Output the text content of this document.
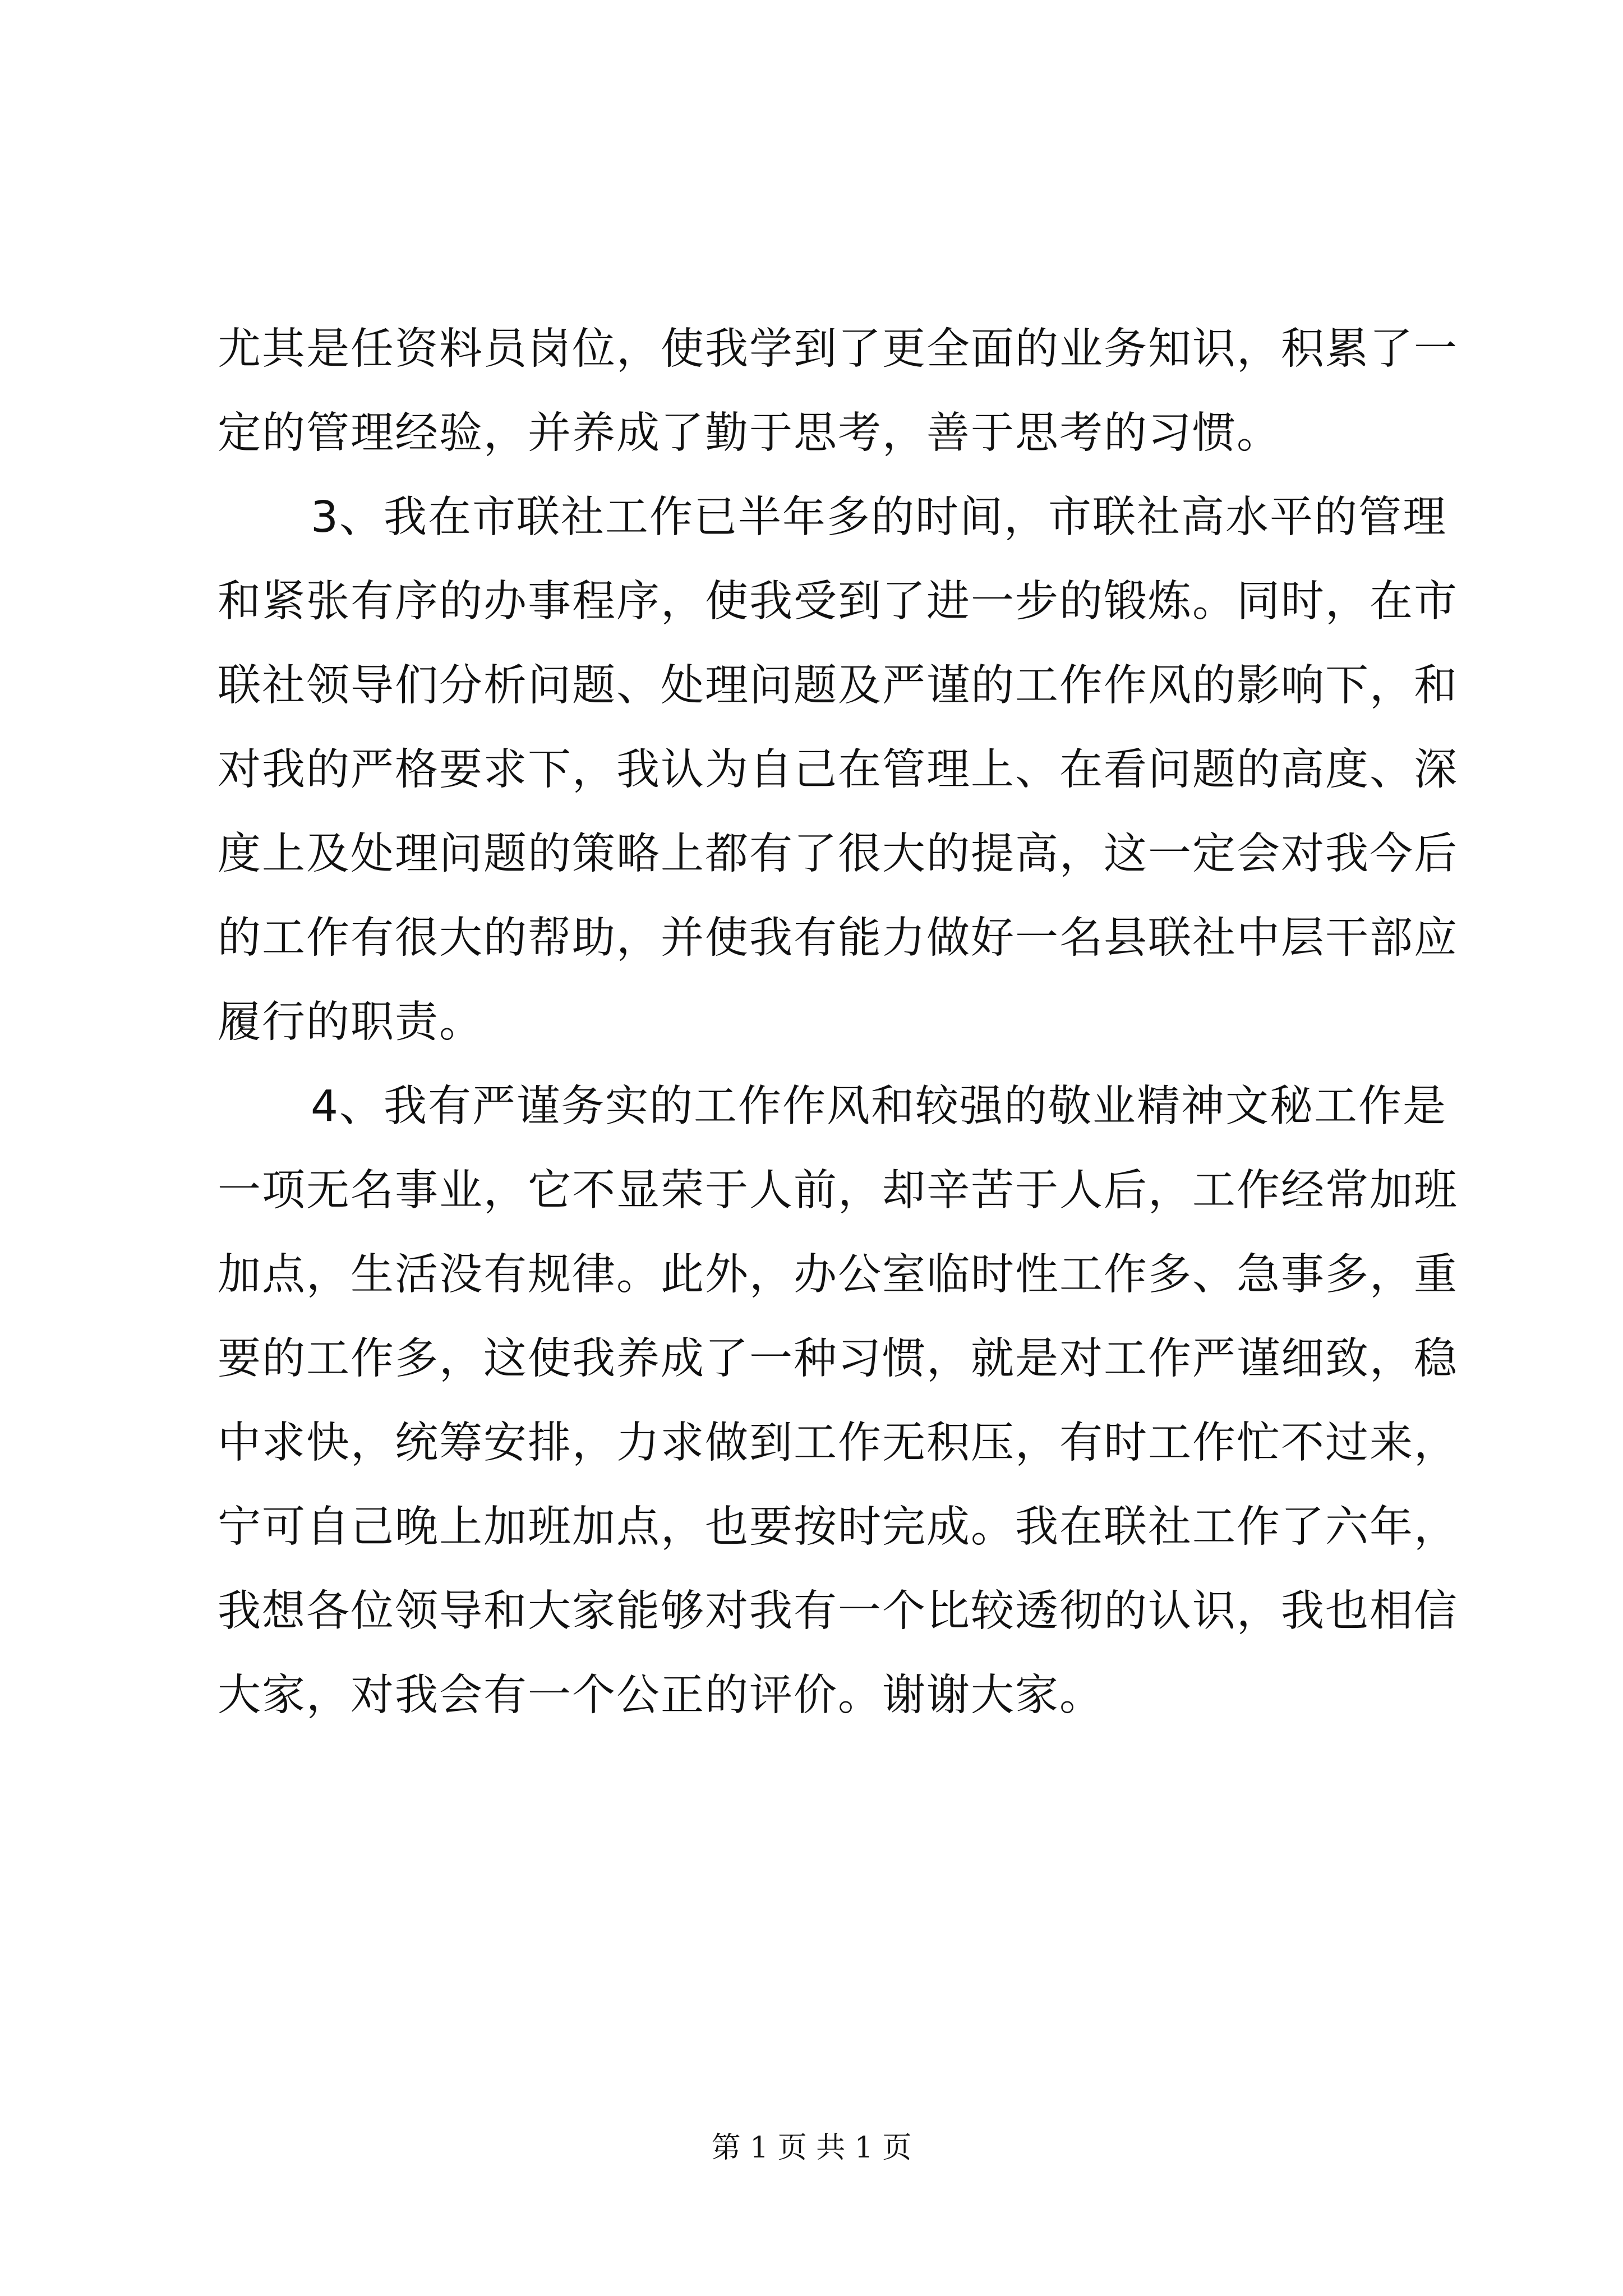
尤其是任资料员岗位，使我学到了更全面的业务知识，积累了一
定的管理经验，并养成了勤于思考，善于思考的习惯。
3、我在市联社工作已半年多的时间，市联社高水平的管理
和紧张有序的办事程序，使我受到了进一步的锻炼。同时，在市
联社领导们分析问题、处理问题及严谨的工作作风的影响下，和
对我的严格要求下，我认为自己在管理上、在看问题的高度、深
度上及处理问题的策略上都有了很大的提高，这一定会对我今后
的工作有很大的帮助，并使我有能力做好一名县联社中层干部应
履行的职责。
4、我有严谨务实的工作作风和较强的敬业精神文秘工作是
一项无名事业，它不显荣于人前，却辛苦于人后，工作经常加班
加点，生活没有规律。此外，办公室临时性工作多、急事多，重
要的工作多，这使我养成了一种习惯，就是对工作严谨细致，稳
中求快，统筹安排，力求做到工作无积压，有时工作忙不过来，
宁可自己晚上加班加点，也要按时完成。我在联社工作了六年，
我想各位领导和大家能够对我有一个比较透彻的认识，我也相信
大家，对我会有一个公正的评价。谢谢大家。
第 1 页 共 1 页
